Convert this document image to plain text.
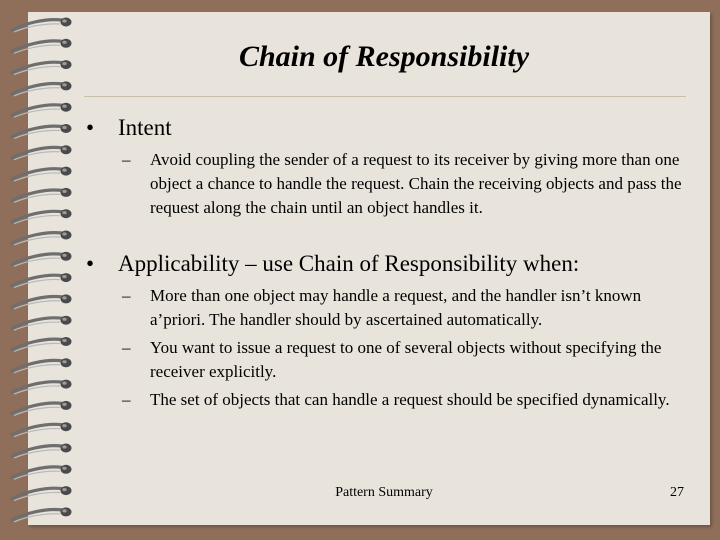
Chain of Responsibility
• Intent
– Avoid coupling the sender of a request to its receiver by giving more than one object a chance to handle the request. Chain the receiving objects and pass the request along the chain until an object handles it.
• Applicability – use Chain of Responsibility when:
– More than one object may handle a request, and the handler isn’t known a’priori. The handler should by ascertained automatically.
– You want to issue a request to one of several objects without specifying the receiver explicitly.
– The set of objects that can handle a request should be specified dynamically.
Pattern Summary	27
